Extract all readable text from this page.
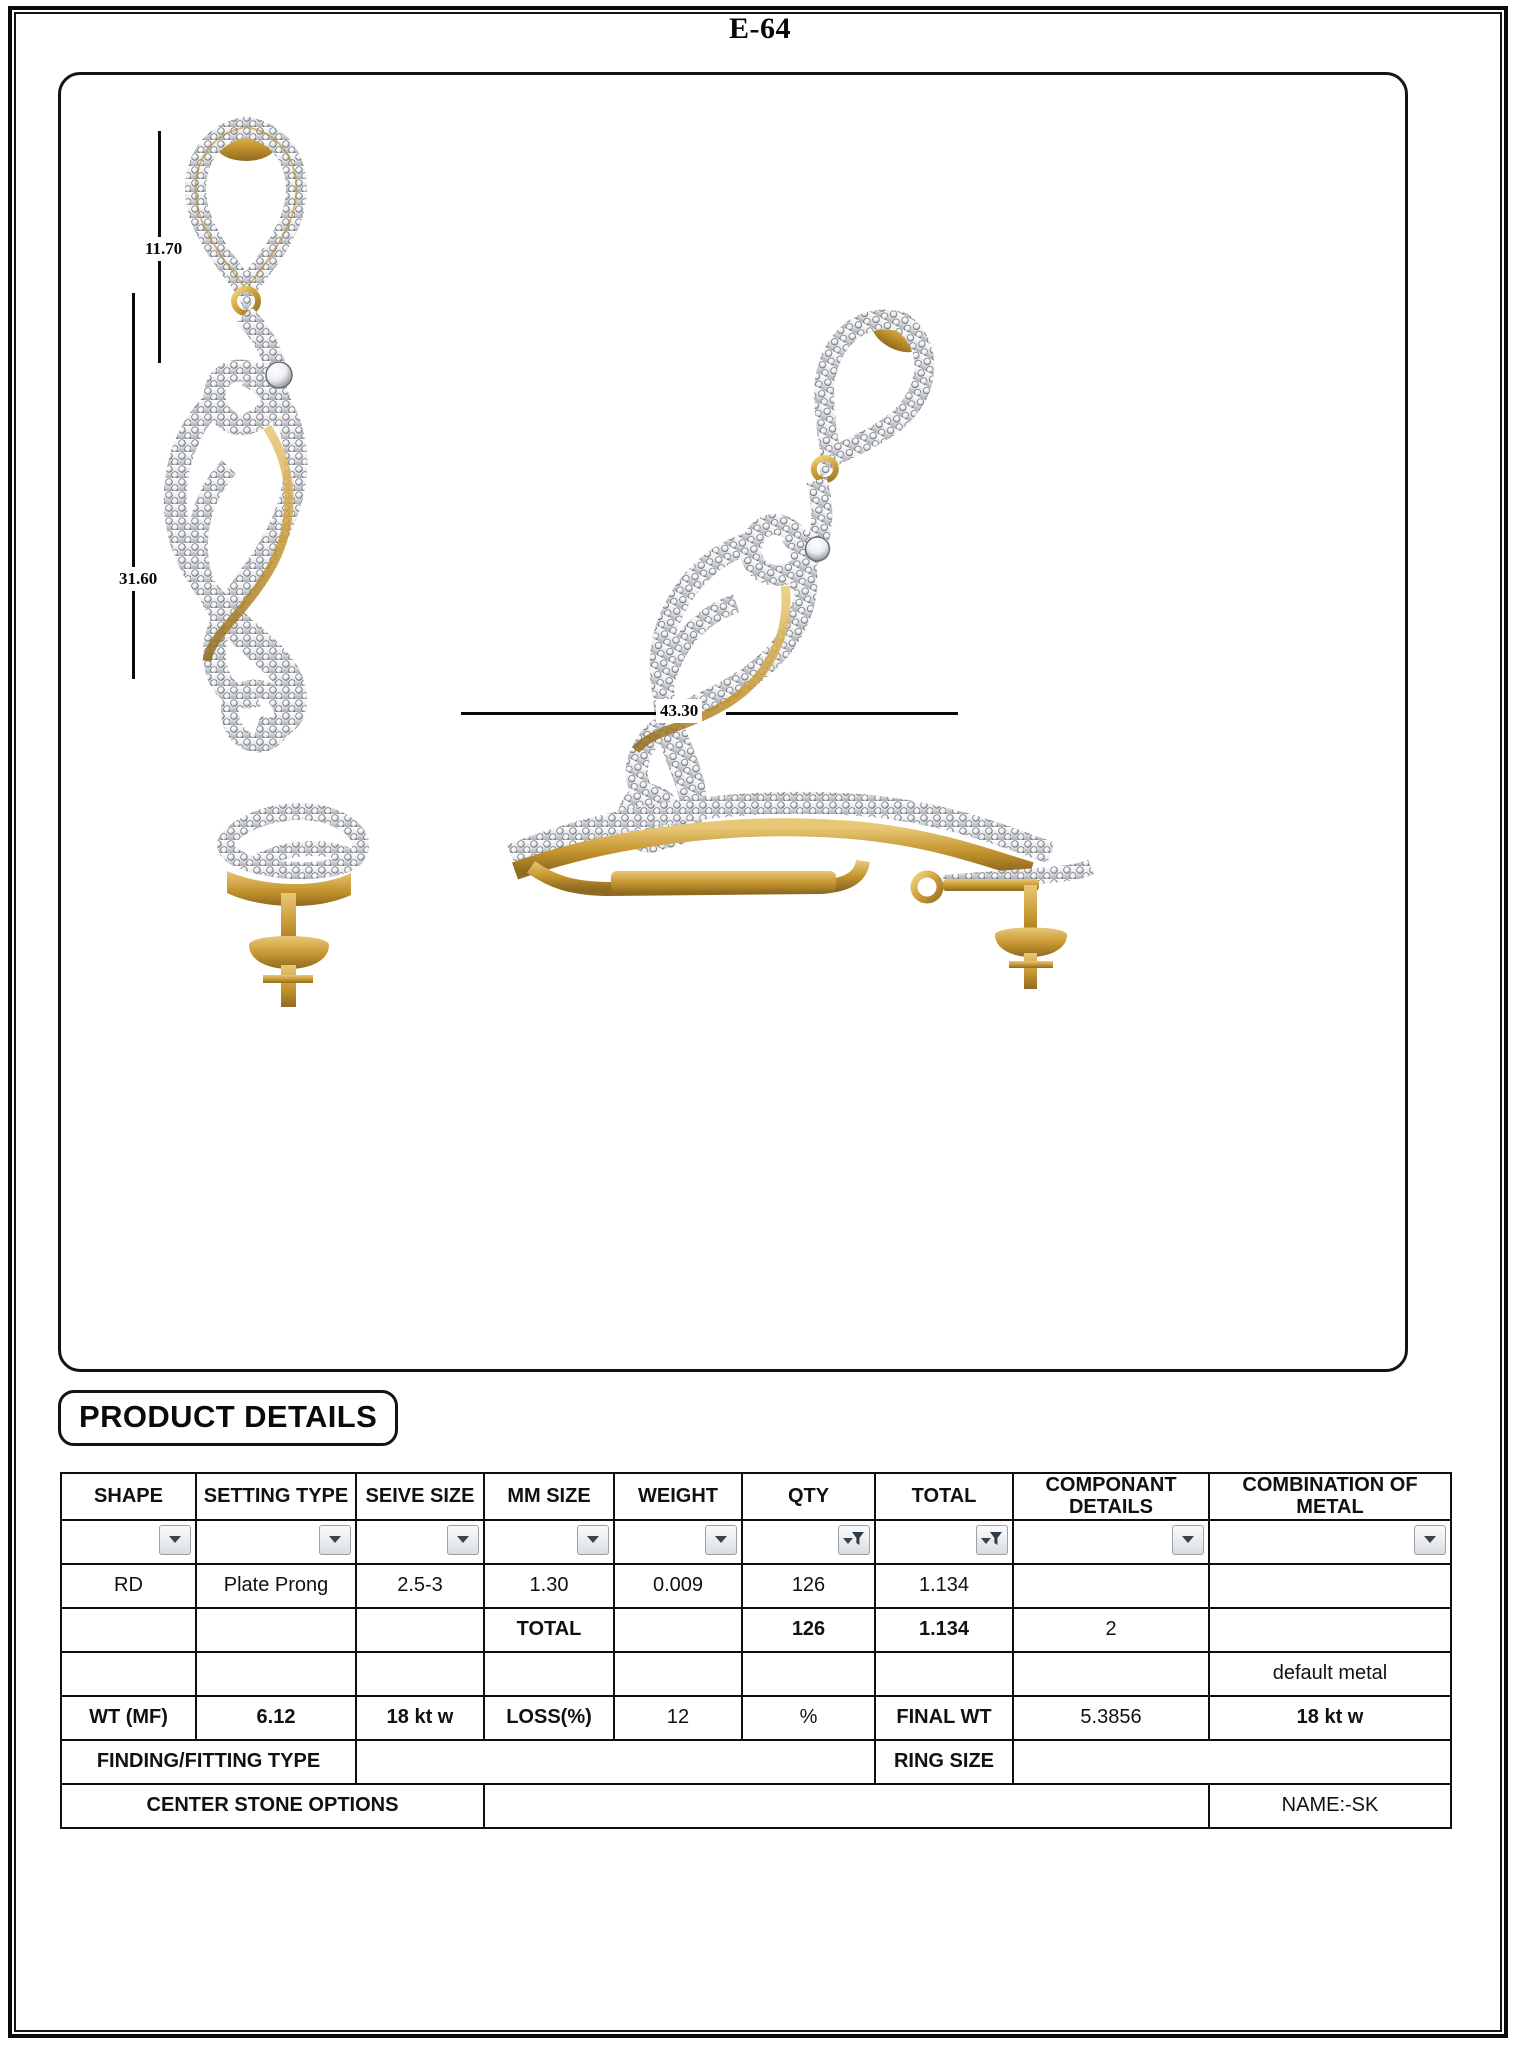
E-64
11.70
31.60
43.30
PRODUCT DETAILS
SHAPE	SETTING TYPE	SEIVE SIZE	MM SIZE	WEIGHT	QTY	TOTAL	COMPONANT DETAILS	COMBINATION OF METAL

RD	Plate Prong	2.5-3	1.30	0.009	126	1.134		
			TOTAL		126	1.134	2	
								default metal
WT (MF)	6.12	18 kt w	LOSS(%)	12	%	FINAL WT	5.3856	18 kt w
FINDING/FITTING TYPE						RING SIZE		
CENTER STONE OPTIONS								NAME:-SK
